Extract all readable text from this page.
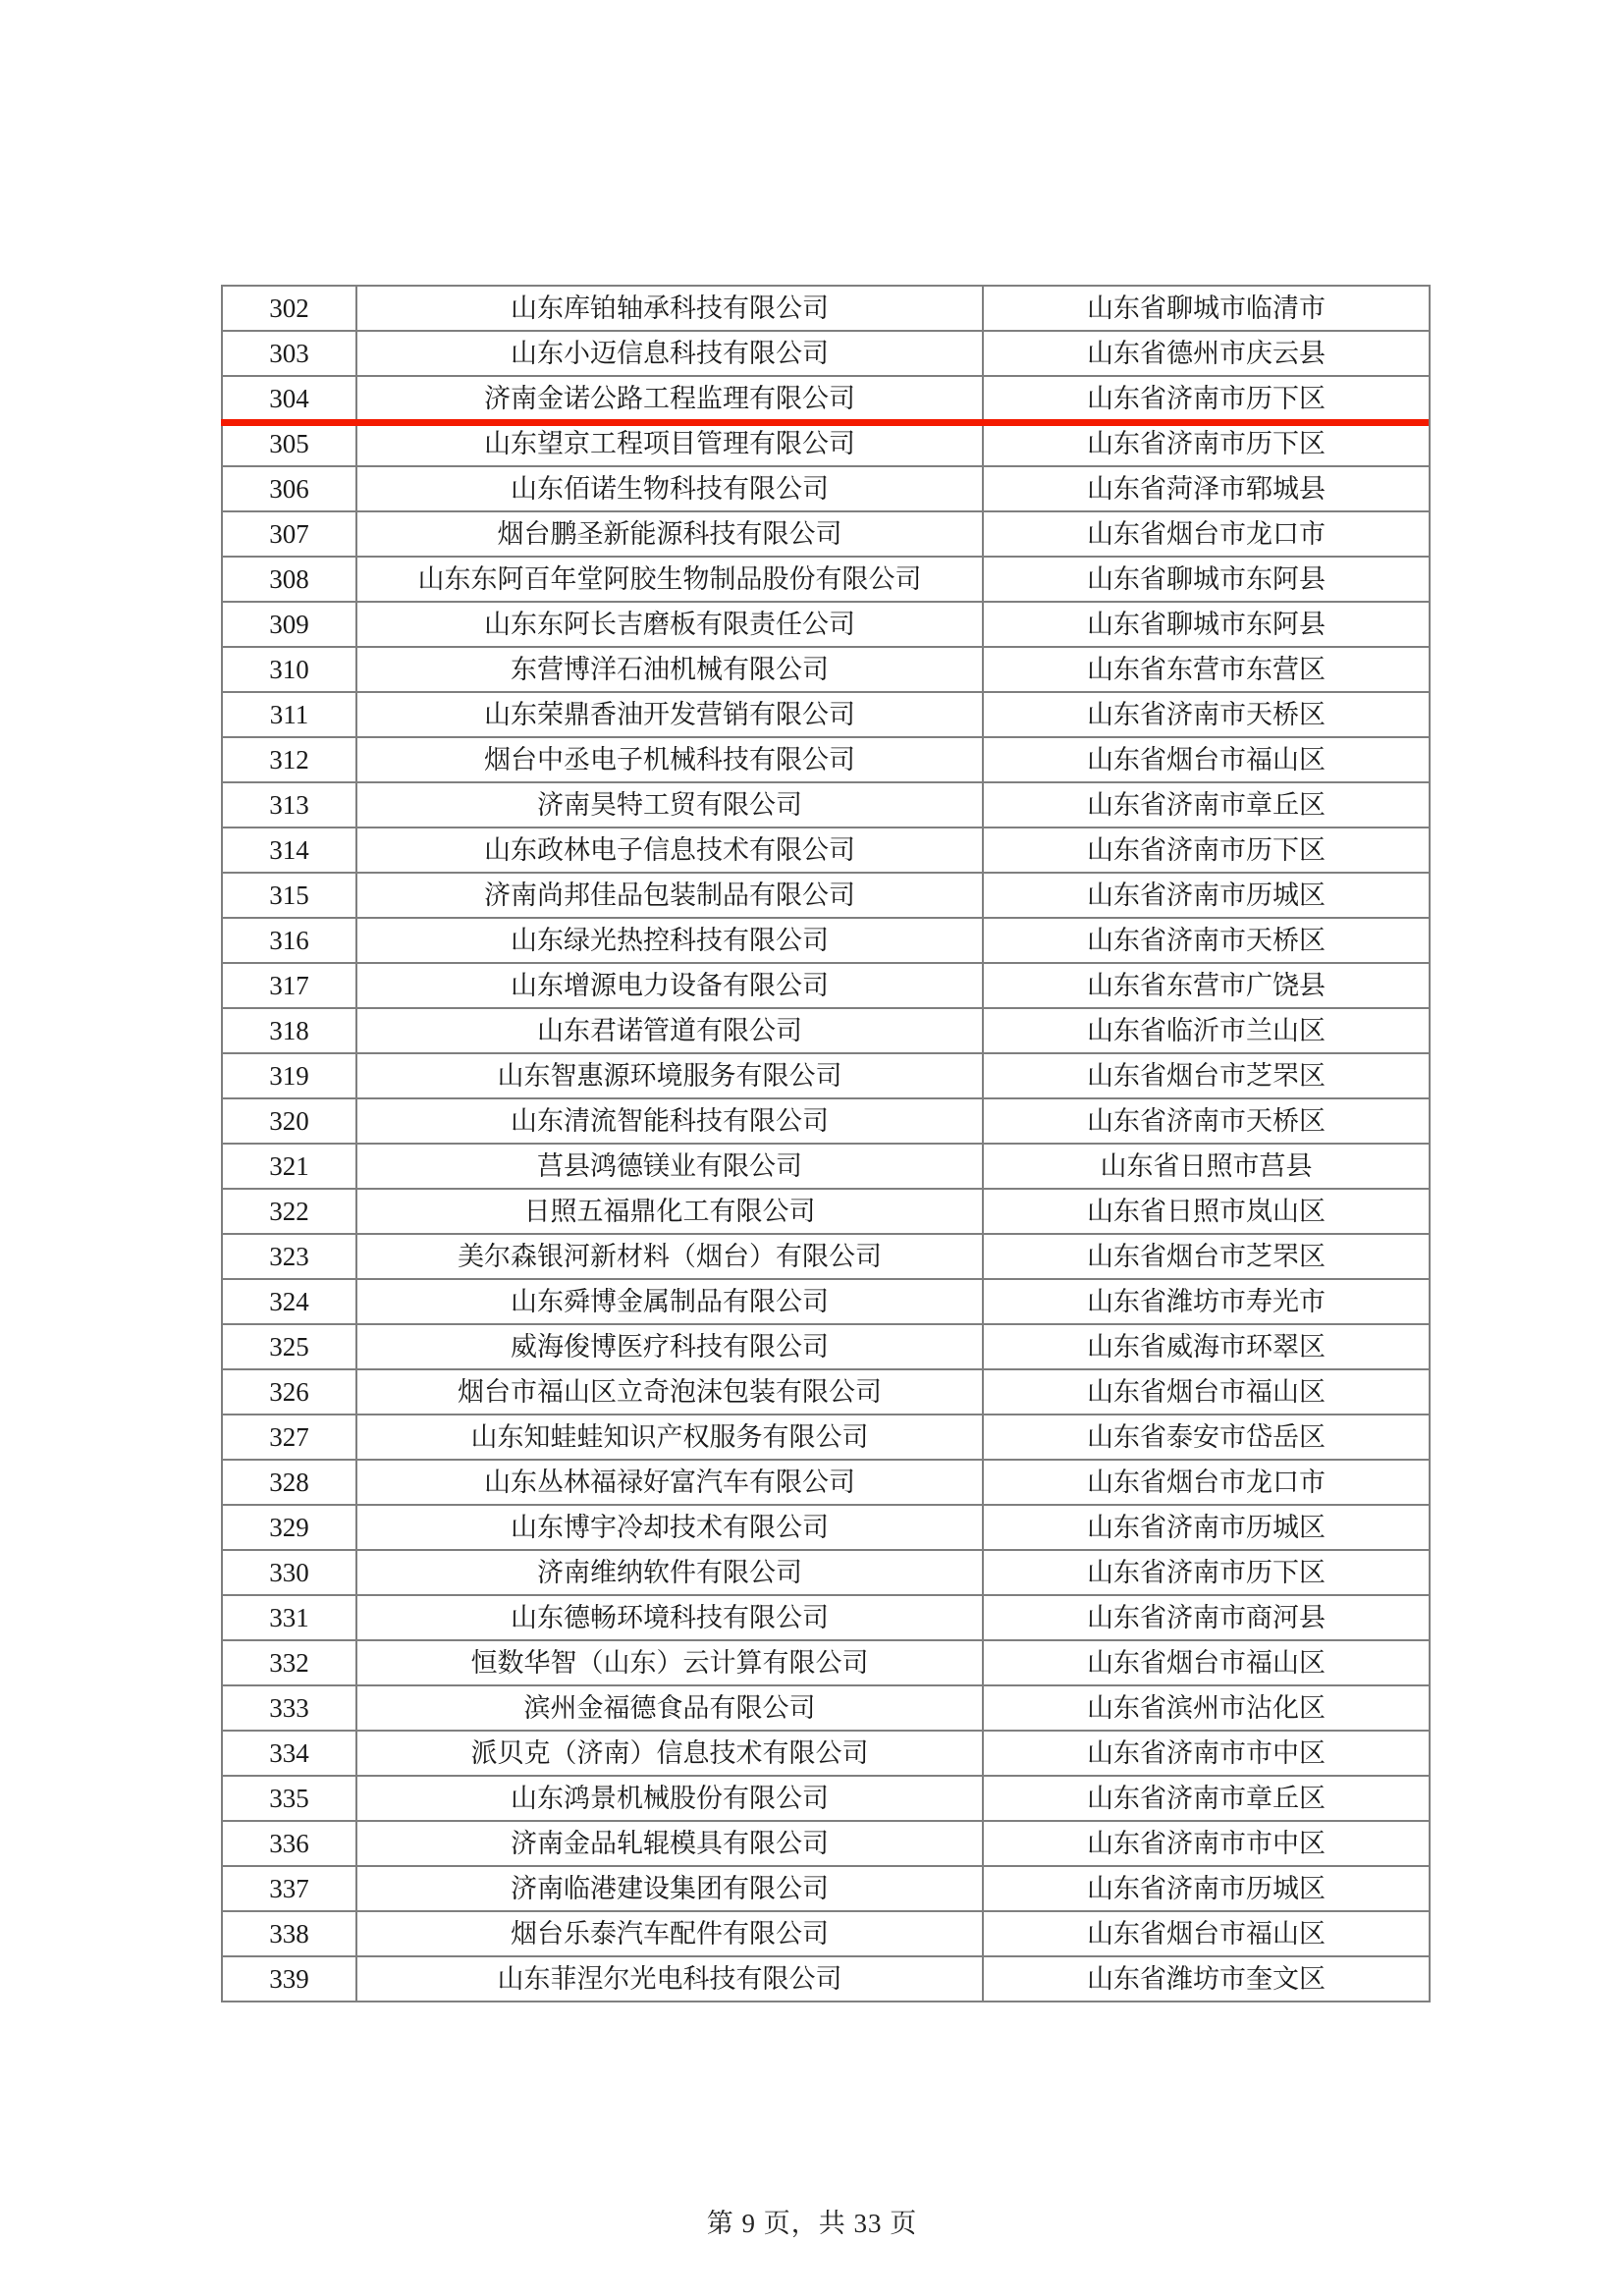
302	山东库铂轴承科技有限公司	山东省聊城市临清市
303	山东小迈信息科技有限公司	山东省德州市庆云县
304	济南金诺公路工程监理有限公司	山东省济南市历下区
305	山东望京工程项目管理有限公司	山东省济南市历下区
306	山东佰诺生物科技有限公司	山东省菏泽市郓城县
307	烟台鹏圣新能源科技有限公司	山东省烟台市龙口市
308	山东东阿百年堂阿胶生物制品股份有限公司	山东省聊城市东阿县
309	山东东阿长吉磨板有限责任公司	山东省聊城市东阿县
310	东营博洋石油机械有限公司	山东省东营市东营区
311	山东荣鼎香油开发营销有限公司	山东省济南市天桥区
312	烟台中丞电子机械科技有限公司	山东省烟台市福山区
313	济南昊特工贸有限公司	山东省济南市章丘区
314	山东政林电子信息技术有限公司	山东省济南市历下区
315	济南尚邦佳品包装制品有限公司	山东省济南市历城区
316	山东绿光热控科技有限公司	山东省济南市天桥区
317	山东增源电力设备有限公司	山东省东营市广饶县
318	山东君诺管道有限公司	山东省临沂市兰山区
319	山东智惠源环境服务有限公司	山东省烟台市芝罘区
320	山东清流智能科技有限公司	山东省济南市天桥区
321	莒县鸿德镁业有限公司	山东省日照市莒县
322	日照五福鼎化工有限公司	山东省日照市岚山区
323	美尔森银河新材料（烟台）有限公司	山东省烟台市芝罘区
324	山东舜博金属制品有限公司	山东省潍坊市寿光市
325	威海俊博医疗科技有限公司	山东省威海市环翠区
326	烟台市福山区立奇泡沫包装有限公司	山东省烟台市福山区
327	山东知蛙蛙知识产权服务有限公司	山东省泰安市岱岳区
328	山东丛林福禄好富汽车有限公司	山东省烟台市龙口市
329	山东博宇冷却技术有限公司	山东省济南市历城区
330	济南维纳软件有限公司	山东省济南市历下区
331	山东德畅环境科技有限公司	山东省济南市商河县
332	恒数华智（山东）云计算有限公司	山东省烟台市福山区
333	滨州金福德食品有限公司	山东省滨州市沾化区
334	派贝克（济南）信息技术有限公司	山东省济南市市中区
335	山东鸿景机械股份有限公司	山东省济南市章丘区
336	济南金品轧辊模具有限公司	山东省济南市市中区
337	济南临港建设集团有限公司	山东省济南市历城区
338	烟台乐泰汽车配件有限公司	山东省烟台市福山区
339	山东菲涅尔光电科技有限公司	山东省潍坊市奎文区
第 9 页，共 33 页
